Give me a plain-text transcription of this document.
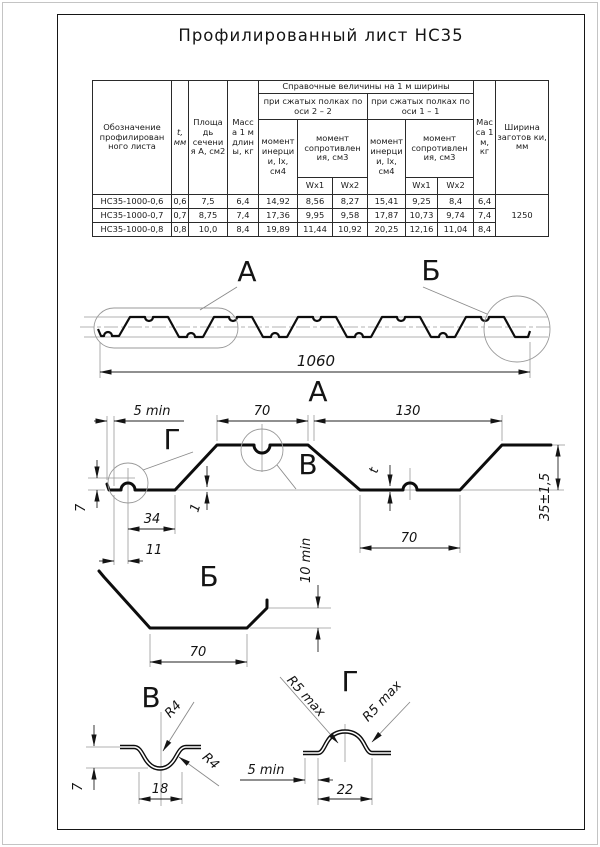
Профилированный лист НС35
Обозначение профилирован ного листа	t, мм	Площа дь сечени я А, см2	Масс а 1 м длин ы, кг	Справочные величины на 1 м ширины						Мас са 1 м, кг	Ширина заготов ки, мм
				при сжатых полках по оси 2 – 2			при сжатых полках по оси 1 – 1				
				момент инерци и, Ix, см4	момент сопротивлен ия, см3		момент инерци и, Ix, см4	момент сопротивлен ия, см3			
					Wx1	Wx2		Wx1	Wx2		
НС35-1000-0,6	0,6	7,5	6,4	14,92	8,56	8,27	15,41	9,25	8,4	6,4	1250
НС35-1000-0,7	0,7	8,75	7,4	17,36	9,95	9,58	17,87	10,73	9,74	7,4	
НС35-1000-0,8	0,8	10,0	8,4	19,89	11,44	10,92	20,25	12,16	11,04	8,4	
А	Б
1060
А
Г
В
5 min	70	130
7
34
11
1
t
70
35±1,5
Б
70
10 min
В R4
R4
7	18
Г
R5 max R5 max
5 min
22
